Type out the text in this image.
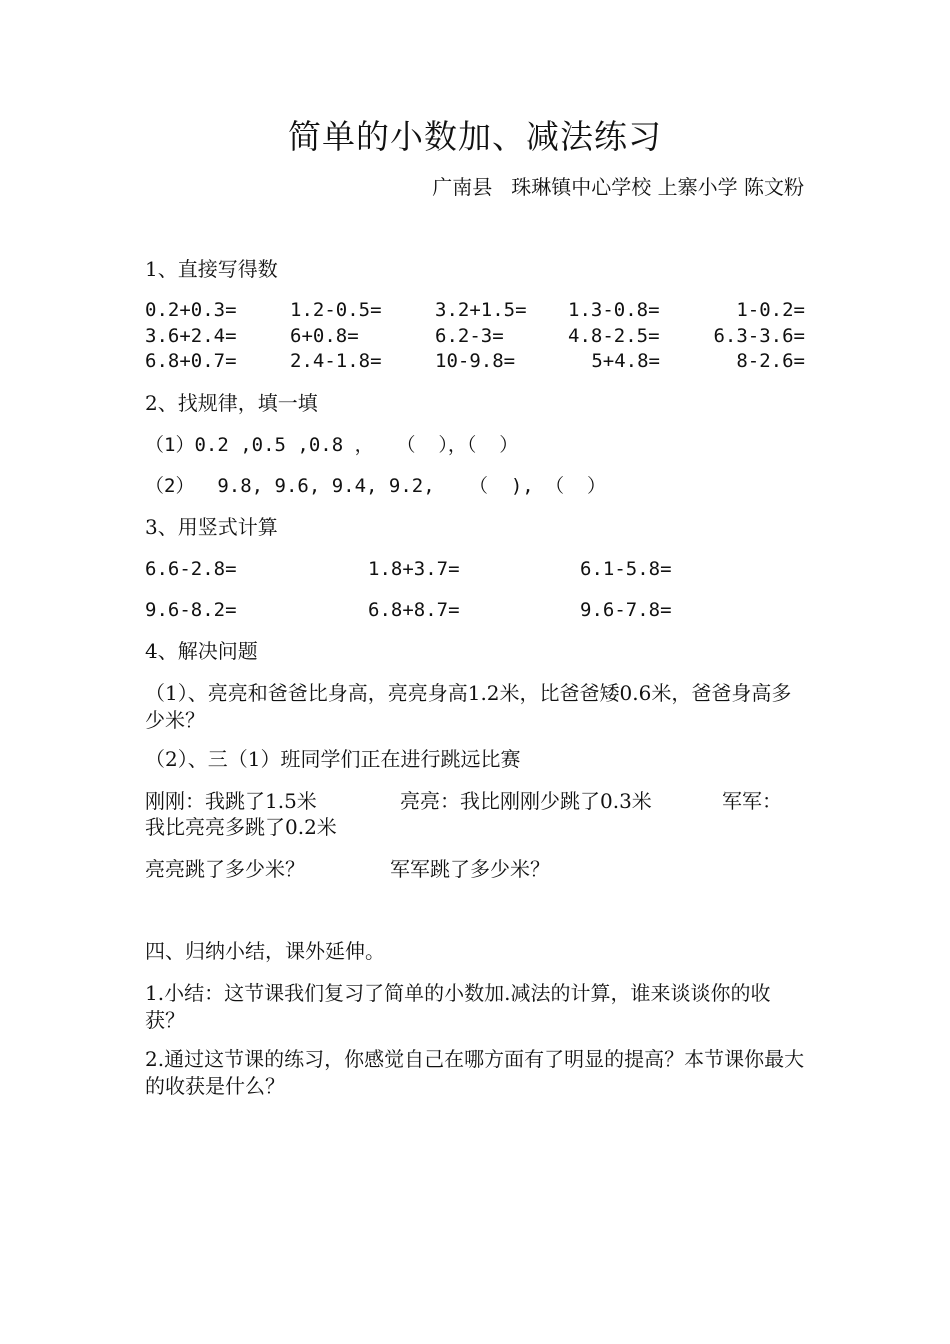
简单的小数加、减法练习
广南县   珠琳镇中心学校 上寨小学 陈文粉
1、直接写得数
0.2+0.3=	1.2-0.5=	3.2+1.5= 1.3-0.8=	1-0.2=
3.6+2.4=	6+0.8=	6.2-3=	4.8-2.5=	6.3-3.6=
6.8+0.7=	2.4-1.8=	10-9.8=	5+4.8=	8-2.6=
2、找规律，填一填
（1）0.2 ,0.5 ,0.8 ，  （  ），（  ）
（2）  9.8, 9.6, 9.4, 9.2,   （  ), （  ）
3、用竖式计算
6.6-2.8=	1.8+3.7=	6.1-5.8=
9.6-8.2=	6.8+8.7=	9.6-7.8=
4、解决问题
（1）、亮亮和爸爸比身高，亮亮身高1.2米，比爸爸矮0.6米，爸爸身高多少米？
（2）、三（1）班同学们正在进行跳远比赛
刚刚：我跳了1.5米	亮亮：我比刚刚少跳了0.3米	军军：
我比亮亮多跳了0.2米
亮亮跳了多少米？	军军跳了多少米？
四、归纳小结，课外延伸。
1.小结：这节课我们复习了简单的小数加.减法的计算，谁来谈谈你的收获？
2.通过这节课的练习，你感觉自己在哪方面有了明显的提高？本节课你最大的收获是什么？
